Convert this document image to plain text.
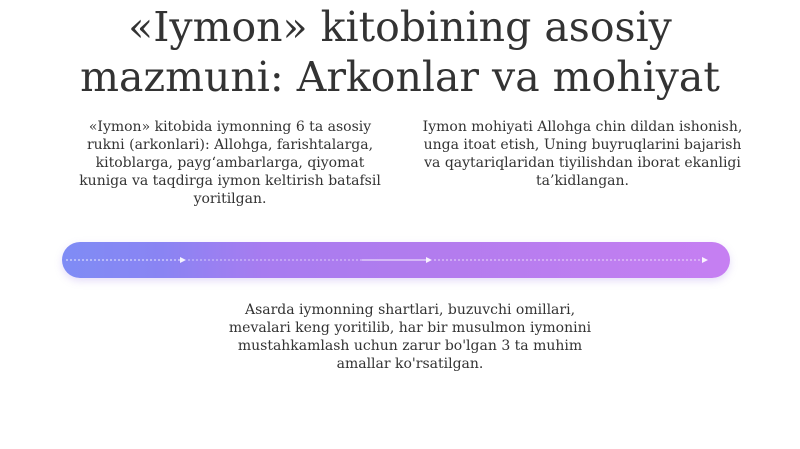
«Iymon» kitobining asosiy
mazmuni: Arkonlar va mohiyat
«Iymon» kitobida iymonning 6 ta asosiy rukni (arkonlari): Allohga, farishtalarga, kitoblarga, payg‘ambarlarga, qiyomat kuniga va taqdirga iymon keltirish batafsil yoritilgan.
Iymon mohiyati Allohga chin dildan ishonish, unga itoat etish, Uning buyruqlarini bajarish va qaytariqlaridan tiyilishdan iborat ekanligi ta’kidlangan.
Asarda iymonning shartlari, buzuvchi omillari, mevalari keng yoritilib, har bir musulmon iymonini mustahkamlash uchun zarur bo'lgan 3 ta muhim amallar ko'rsatilgan.
